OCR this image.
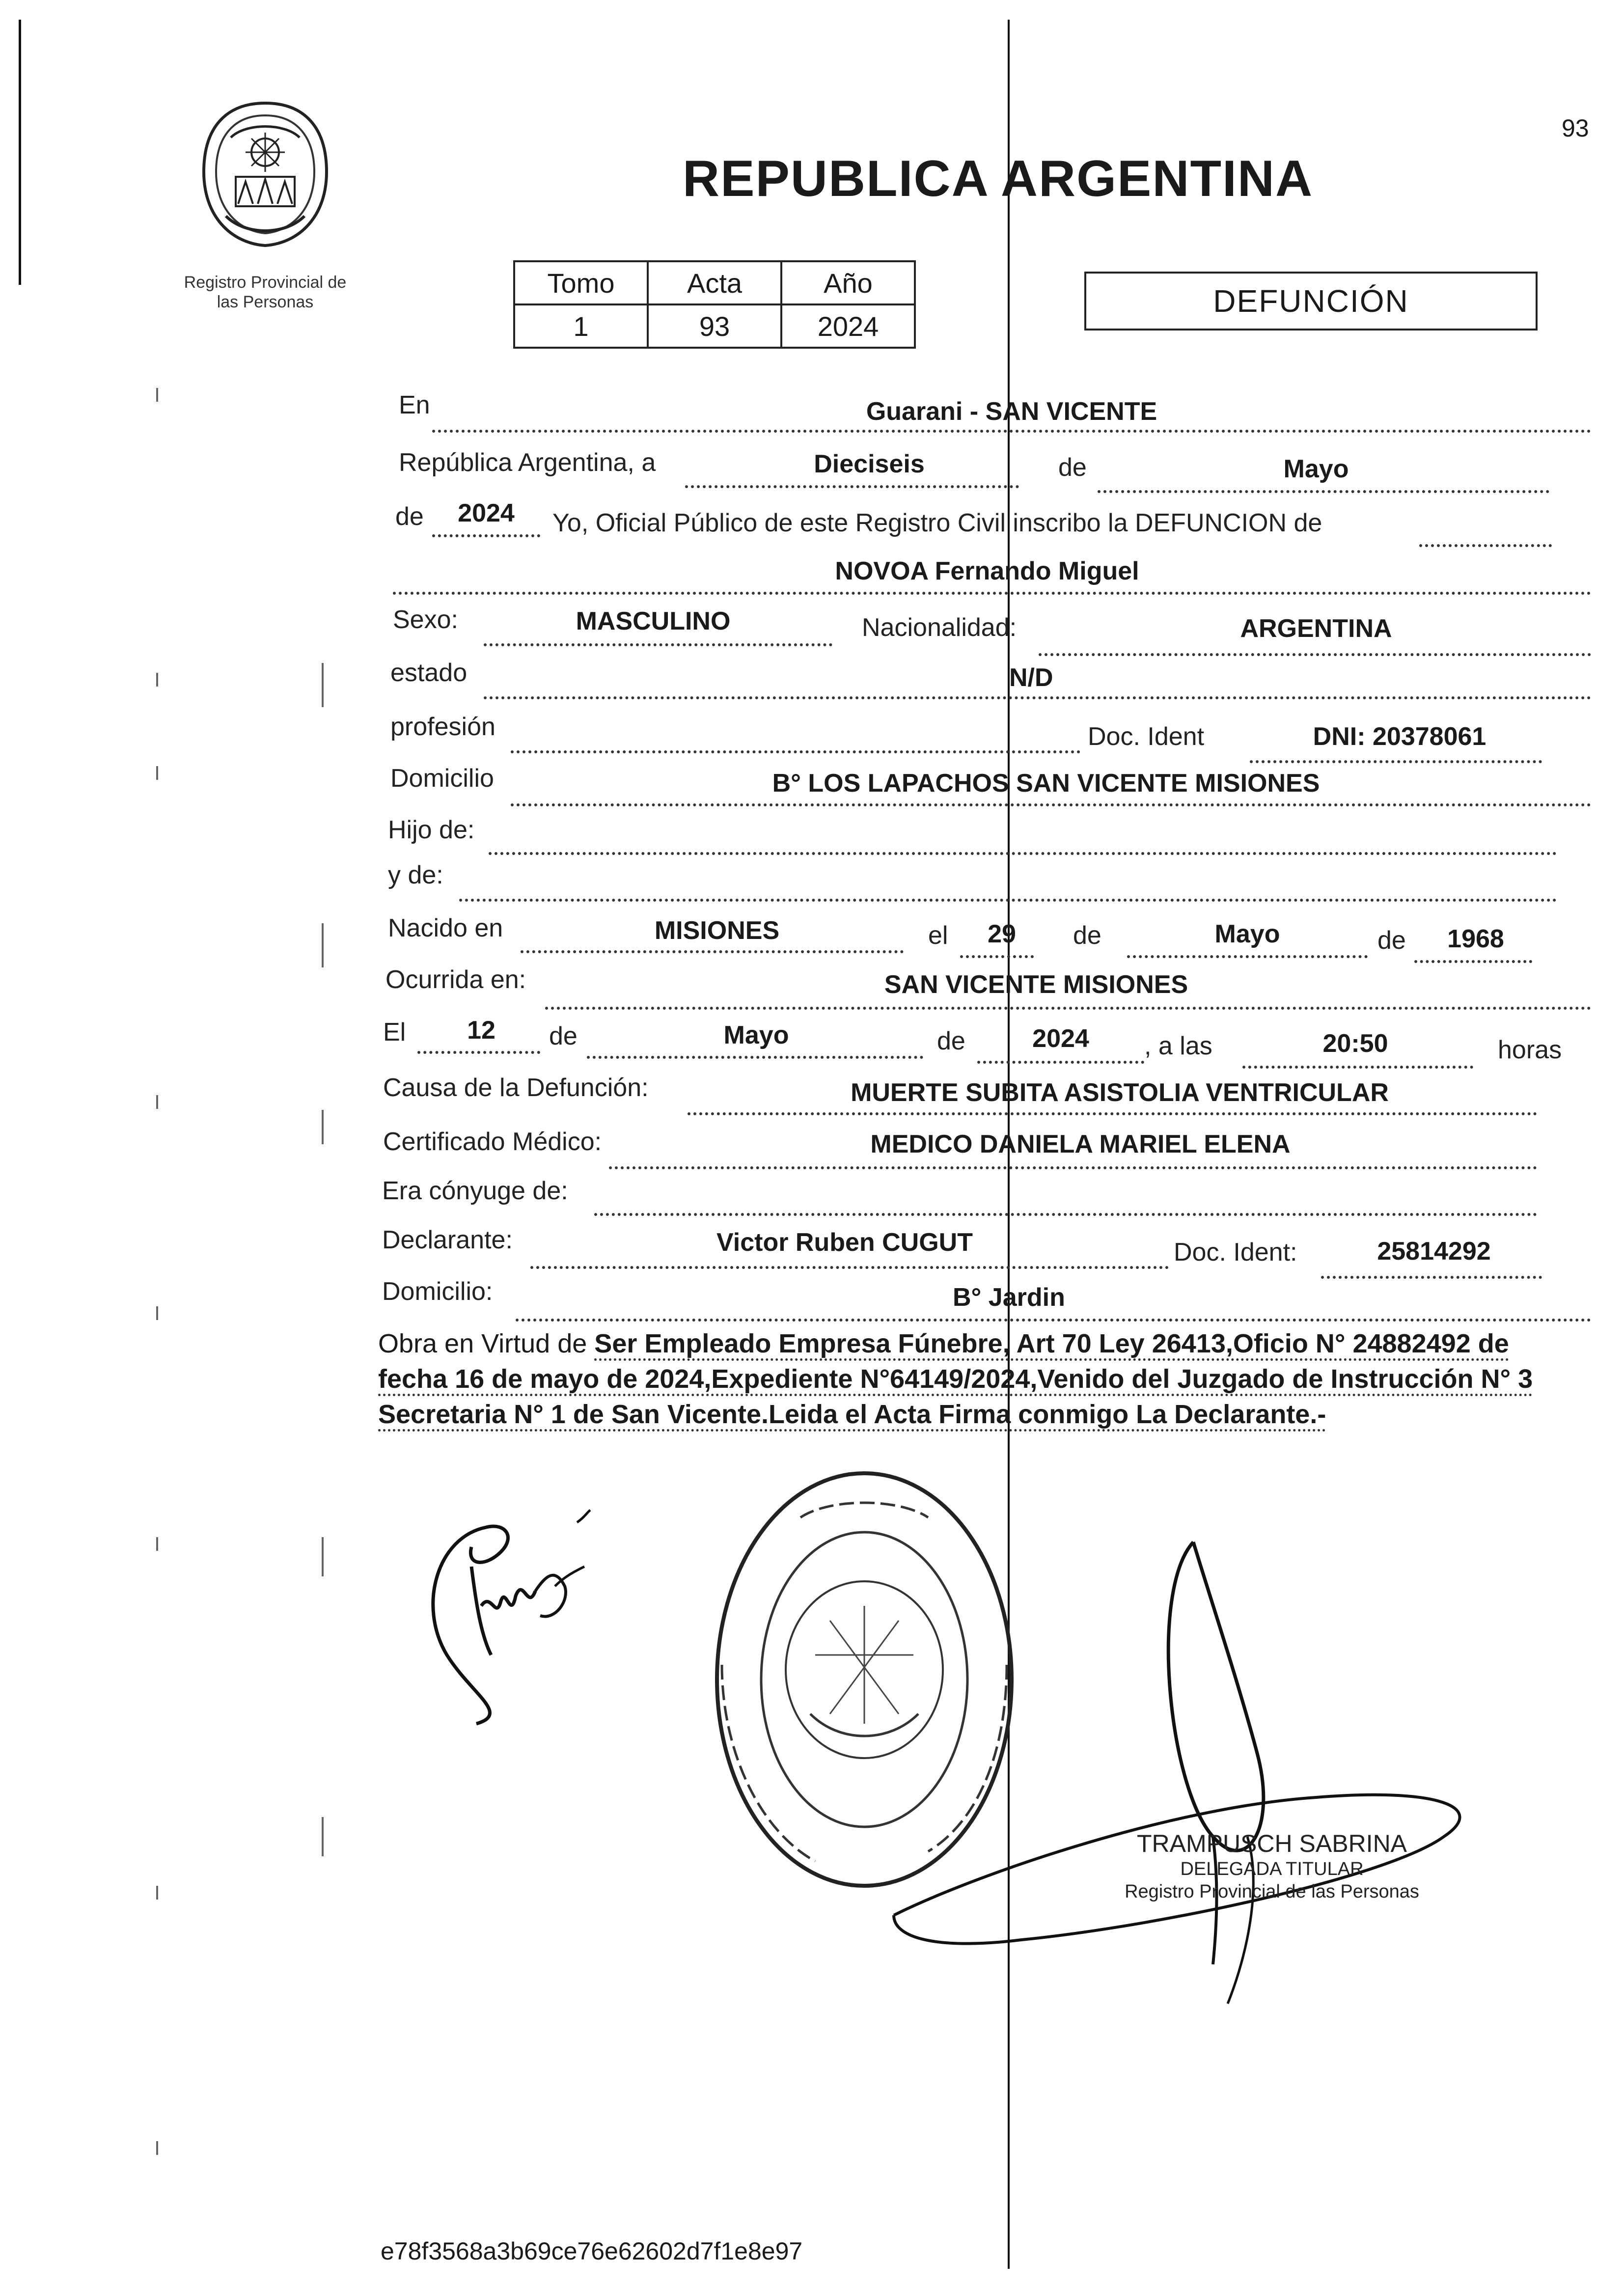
93
Registro Provincial de
las Personas
REPUBLICA ARGENTINA
Tomo	Acta	Año
1	93	2024
DEFUNCIÓN
En	Guarani - SAN VICENTE
República Argentina, a	Dieciseis	de	Mayo
de	2024	Yo, Oficial Público de este Registro Civil inscribo la DEFUNCION de
NOVOA Fernando Miguel
Sexo:	MASCULINO	Nacionalidad:	ARGENTINA
estado	N/D
profesión	Doc. Ident	DNI: 20378061
Domicilio	B° LOS LAPACHOS SAN VICENTE MISIONES
Hijo de:
y de:
Nacido en	MISIONES	el	29	de	Mayo	de	1968
Ocurrida en:	SAN VICENTE MISIONES
El	12	de	Mayo	de	2024	, a las	20:50	horas
Causa de la Defunción:	MUERTE SUBITA ASISTOLIA VENTRICULAR
Certificado Médico:	MEDICO DANIELA MARIEL ELENA
Era cónyuge de:
Declarante:	Victor Ruben CUGUT	Doc. Ident:	25814292
Domicilio:	B° Jardin
Obra en Virtud de Ser Empleado Empresa Fúnebre, Art 70 Ley 26413,Oficio N° 24882492 de fecha 16 de mayo de 2024,Expediente N°64149/2024,Venido del Juzgado de Instrucción N° 3 Secretaria N° 1 de San Vicente.Leida el Acta Firma conmigo La Declarante.-
TRAMPUSCH SABRINA
DELEGADA TITULAR
Registro Provincial de las Personas
e78f3568a3b69ce76e62602d7f1e8e97
